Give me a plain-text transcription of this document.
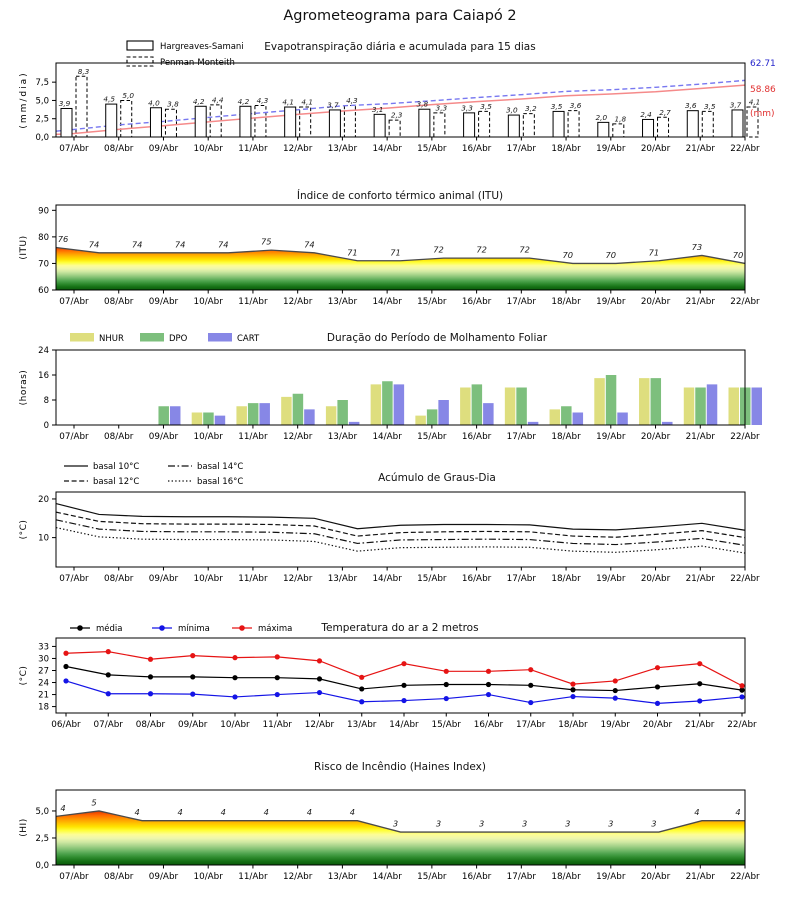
Agrometeograma para Caiapó 2
3,9	4,5	4,0	4,2	4,2	4,1	3,7	3,1
3,8	3,3	3,0	3,5
2,0	2,4
3,6	3,7
8,3
5,0
3,8	4,4	4,3	4,1	4,3
2,3
3,3	3,5	3,2	3,6
1,8
2,7
3,5	4,1
0,0
2,5
5,0
7,5
(mm/dia)
Evapotranspiração diária e acumulada para 15 dias
07/Abr 08/Abr 09/Abr 10/Abr 11/Abr 12/Abr 13/Abr 14/Abr 15/Abr 16/Abr 17/Abr 18/Abr 19/Abr 20/Abr 21/Abr 22/Abr
Hargreaves-Samani
Penman-Monteith	62.71
58.86
(mm)
60
70
80
90
(ITU)
Índice de conforto térmico animal (ITU)
07/Abr 08/Abr 09/Abr 10/Abr 11/Abr 12/Abr 13/Abr 14/Abr 15/Abr 16/Abr 17/Abr 18/Abr 19/Abr 20/Abr 21/Abr 22/Abr
76
74	74	74	74	75	74
71	71	72	72	72
70	70	71
73
70
0
8
16
24
(horas)
Duração do Período de Molhamento Foliar
07/Abr 08/Abr 09/Abr 10/Abr 11/Abr 12/Abr 13/Abr 14/Abr 15/Abr 16/Abr 17/Abr 18/Abr 19/Abr 20/Abr 21/Abr 22/Abr
NHUR	DPO	CART
10
20
(°C)
Acúmulo de Graus-Dia
07/Abr 08/Abr 09/Abr 10/Abr 11/Abr 12/Abr 13/Abr 14/Abr 15/Abr 16/Abr 17/Abr 18/Abr 19/Abr 20/Abr 21/Abr 22/Abr
basal 10°C
basal 12°C
basal 14°C
basal 16°C
18
21
24
27
30
33
(°C)
Temperatura do ar a 2 metros
06/Abr 07/Abr 08/Abr 09/Abr 10/Abr 11/Abr 12/Abr 13/Abr 14/Abr 15/Abr 16/Abr 17/Abr 18/Abr 19/Abr 20/Abr 21/Abr 22/Abr
média	mínima	máxima
0,0
2,5
5,0
(HI)
Risco de Incêndio (Haines Index)
07/Abr 08/Abr 09/Abr 10/Abr 11/Abr 12/Abr 13/Abr 14/Abr 15/Abr 16/Abr 17/Abr 18/Abr 19/Abr 20/Abr 21/Abr 22/Abr
4
5
4	4	4	4	4	4
3	3	3	3	3	3	3
4	4
